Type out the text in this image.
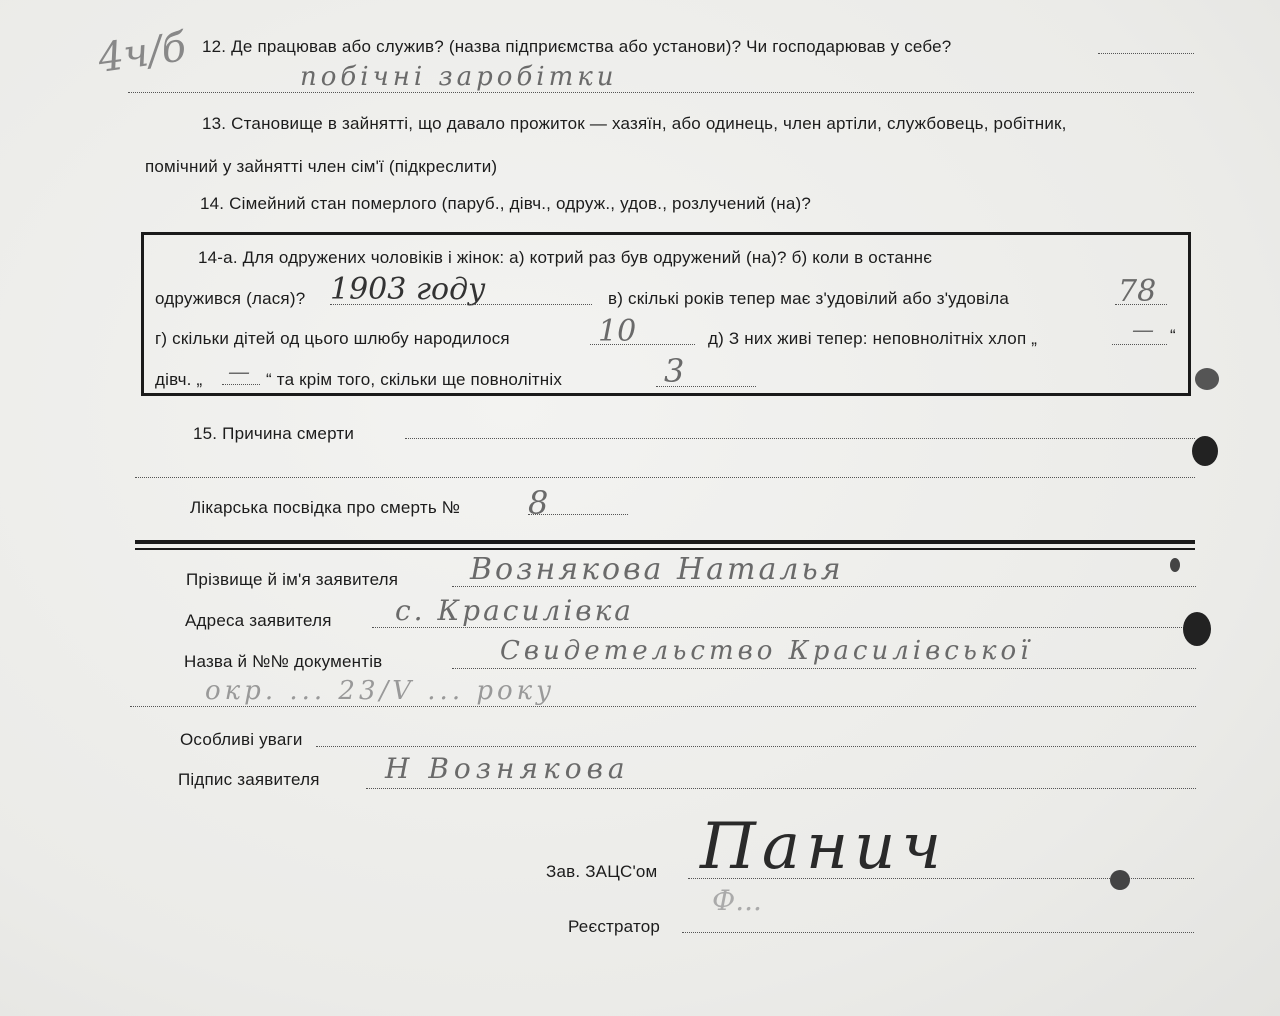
4ч/б 12. Де працював або служив? (назва підприємства або установи)? Чи господарював у себе?
побічні заробітки
13. Становище в зайнятті, що давало прожиток — хазяїн, або одинець, член артіли, службовець, робітник,
помічний у зайнятті член сім'ї (підкреслити)
14. Сімейний стан померлого (паруб., дівч., одруж., удов., розлучений (на)?
14-а. Для одружених чоловіків і жінок: а) котрий раз був одружений (на)? б) коли в останнє
одружився (лася)? 1903 году	в) скількі років тепер має з'удовілий або з'удовіла	78
г) скільки дітей од цього шлюбу народилося	10	д) З них живі тепер: неповнолітніх хлоп „	— “
дівч. „ — “ та крім того, скільки ще повнолітніх	3
15. Причина смерти
Лікарська посвідка про смерть № 8
Прізвище й ім'я заявителя Возняковa Наталья
Адреса заявителя с. Красилівка
Назва й №№ документів	Свидетельство Красилівської
окр. ... 23/V ... року
Особливі уваги
Підпис заявителя Н Вознякова
Зав. ЗАЦС'ом Панич
Реєстратор
Ф...
